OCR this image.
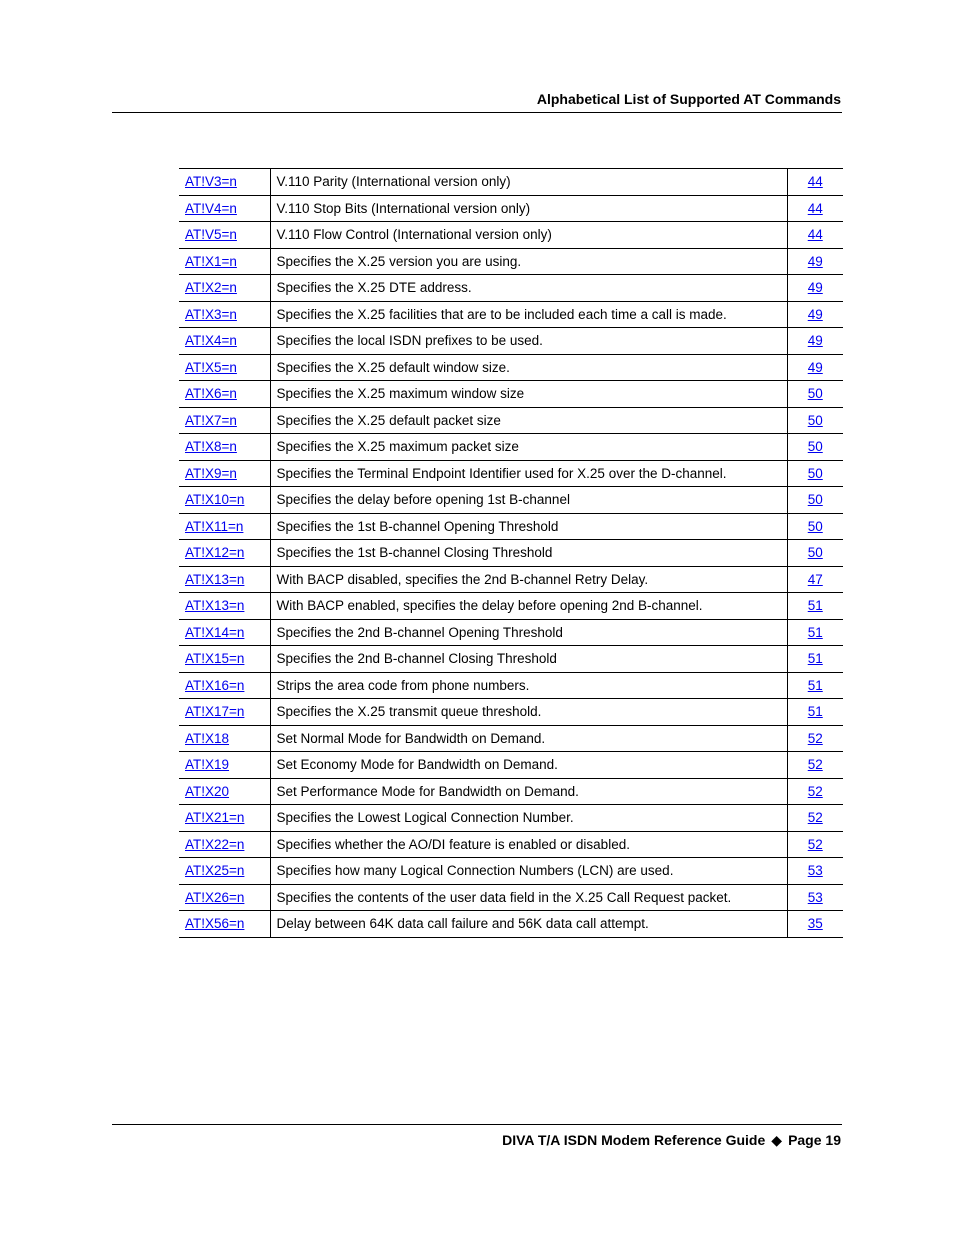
Alphabetical List of Supported AT Commands
AT!V3=n	V.110 Parity (International version only)	44
AT!V4=n	V.110 Stop Bits (International version only)	44
AT!V5=n	V.110 Flow Control (International version only)	44
AT!X1=n	Specifies the X.25 version you are using.	49
AT!X2=n	Specifies the X.25 DTE address.	49
AT!X3=n	Specifies the X.25 facilities that are to be included each time a call is made.	49
AT!X4=n	Specifies the local ISDN prefixes to be used.	49
AT!X5=n	Specifies the X.25 default window size.	49
AT!X6=n	Specifies the X.25 maximum window size	50
AT!X7=n	Specifies the X.25 default packet size	50
AT!X8=n	Specifies the X.25 maximum packet size	50
AT!X9=n	Specifies the Terminal Endpoint Identifier used for X.25 over the D-channel.	50
AT!X10=n	Specifies the delay before opening 1st B-channel	50
AT!X11=n	Specifies the 1st B-channel Opening Threshold	50
AT!X12=n	Specifies the 1st B-channel Closing Threshold	50
AT!X13=n	With BACP disabled, specifies the 2nd B-channel Retry Delay.	47
AT!X13=n	With BACP enabled, specifies the delay before opening 2nd B-channel.	51
AT!X14=n	Specifies the 2nd B-channel Opening Threshold	51
AT!X15=n	Specifies the 2nd B-channel Closing Threshold	51
AT!X16=n	Strips the area code from phone numbers.	51
AT!X17=n	Specifies the X.25 transmit queue threshold.	51
AT!X18	Set Normal Mode for Bandwidth on Demand.	52
AT!X19	Set Economy Mode for Bandwidth on Demand.	52
AT!X20	Set Performance Mode for Bandwidth on Demand.	52
AT!X21=n	Specifies the Lowest Logical Connection Number.	52
AT!X22=n	Specifies whether the AO/DI feature is enabled or disabled.	52
AT!X25=n	Specifies how many Logical Connection Numbers (LCN) are used.	53
AT!X26=n	Specifies the contents of the user data field in the X.25 Call Request packet.	53
AT!X56=n	Delay between 64K data call failure and 56K data call attempt.	35
DIVA T/A ISDN Modem Reference Guide ◆ Page 19
